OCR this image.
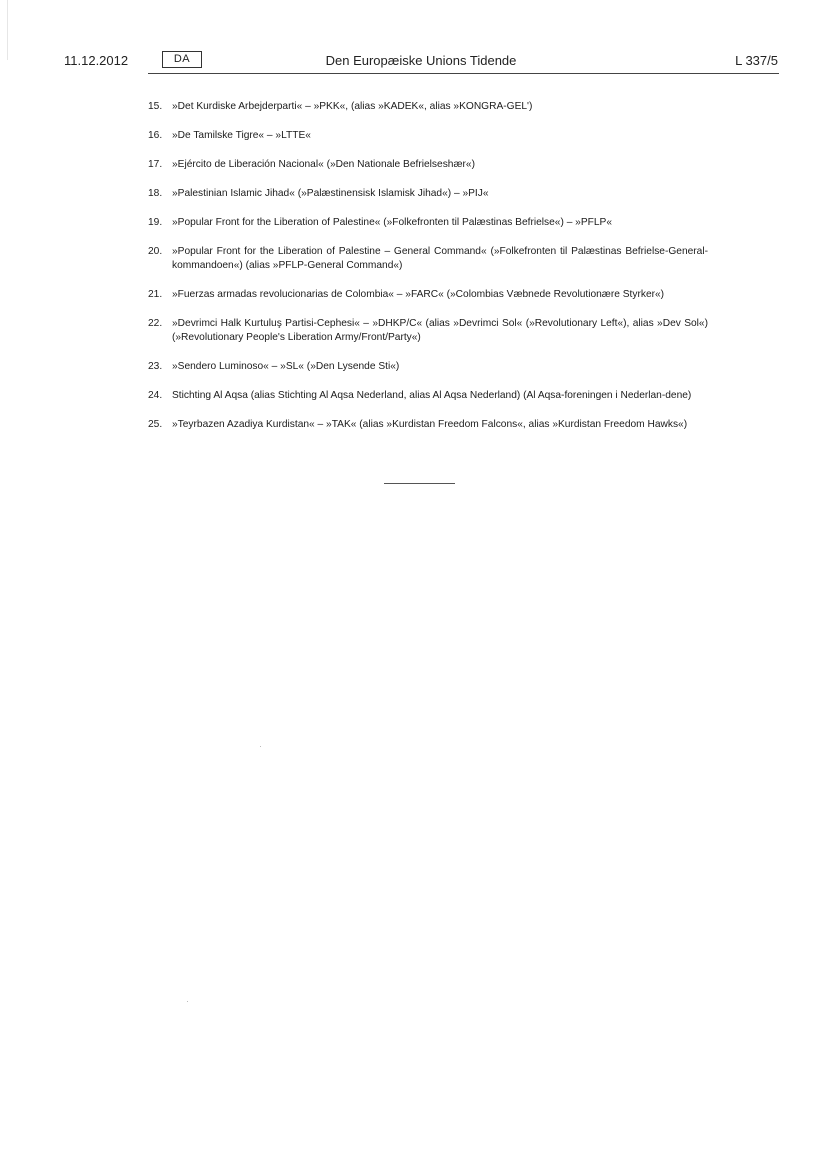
11.12.2012	DA	Den Europæiske Unions Tidende	L 337/5
15. »Det Kurdiske Arbejderparti« – »PKK«, (alias »KADEK«, alias »KONGRA-GEL')
16. »De Tamilske Tigre« – »LTTE«
17. »Ejército de Liberación Nacional« (»Den Nationale Befrielseshær«)
18. »Palestinian Islamic Jihad« (»Palæstinensisk Islamisk Jihad«) – »PIJ«
19. »Popular Front for the Liberation of Palestine« (»Folkefronten til Palæstinas Befrielse«) – »PFLP«
20. »Popular Front for the Liberation of Palestine – General Command« (»Folkefronten til Palæstinas Befrielse-General-kommandoen«) (alias »PFLP-General Command«)
21. »Fuerzas armadas revolucionarias de Colombia« – »FARC« (»Colombias Væbnede Revolutionære Styrker«)
22. »Devrimci Halk Kurtuluş Partisi-Cephesi« – »DHKP/C« (alias »Devrimci Sol« (»Revolutionary Left«), alias »Dev Sol«) (»Revolutionary People's Liberation Army/Front/Party«)
23. »Sendero Luminoso« – »SL« (»Den Lysende Sti«)
24. Stichting Al Aqsa (alias Stichting Al Aqsa Nederland, alias Al Aqsa Nederland) (Al Aqsa-foreningen i Nederlan-dene)
25. »Teyrbazen Azadiya Kurdistan« – »TAK« (alias »Kurdistan Freedom Falcons«, alias »Kurdistan Freedom Hawks«)
